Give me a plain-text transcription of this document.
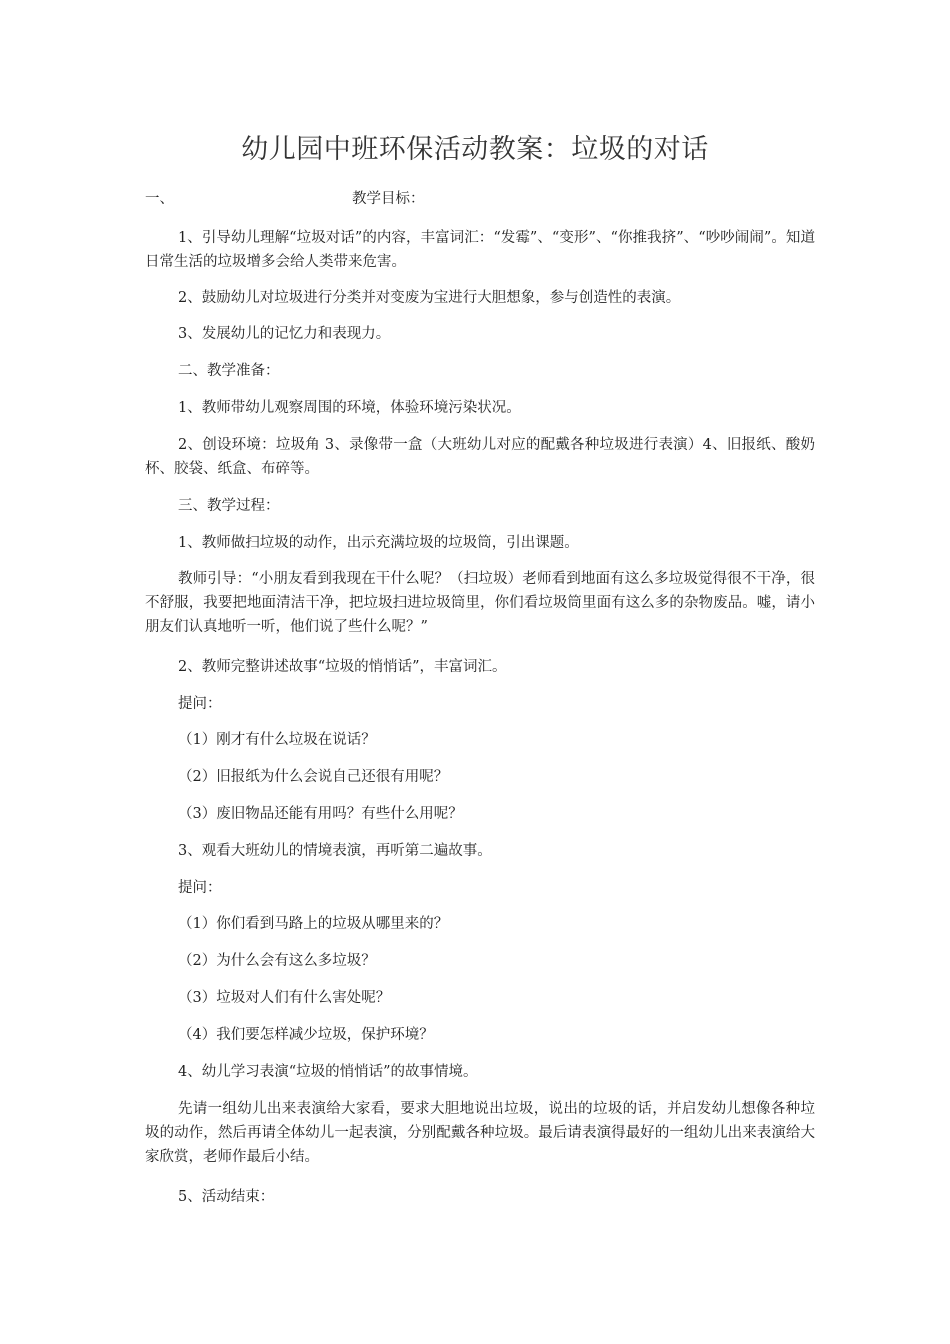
幼儿园中班环保活动教案：垃圾的对话
一、	教学目标：
1、引导幼儿理解“垃圾对话”的内容，丰富词汇：“发霉”、“变形”、“你推我挤”、“吵吵闹闹”。知道日常生活的垃圾增多会给人类带来危害。
2、鼓励幼儿对垃圾进行分类并对变废为宝进行大胆想象，参与创造性的表演。
3、发展幼儿的记忆力和表现力。
二、教学准备：
1、教师带幼儿观察周围的环境，体验环境污染状况。
2、创设环境：垃圾角 3、录像带一盒（大班幼儿对应的配戴各种垃圾进行表演）4、旧报纸、酸奶杯、胶袋、纸盒、布碎等。
三、教学过程：
1、教师做扫垃圾的动作，出示充满垃圾的垃圾筒，引出课题。
教师引导：“小朋友看到我现在干什么呢？（扫垃圾）老师看到地面有这么多垃圾觉得很不干净，很不舒服，我要把地面清洁干净，把垃圾扫进垃圾筒里，你们看垃圾筒里面有这么多的杂物废品。嘘，请小朋友们认真地听一听，他们说了些什么呢？”
2、教师完整讲述故事“垃圾的悄悄话”，丰富词汇。
提问：
（1）刚才有什么垃圾在说话？
（2）旧报纸为什么会说自己还很有用呢？
（3）废旧物品还能有用吗？有些什么用呢？
3、观看大班幼儿的情境表演，再听第二遍故事。
提问：
（1）你们看到马路上的垃圾从哪里来的？
（2）为什么会有这么多垃圾？
（3）垃圾对人们有什么害处呢？
（4）我们要怎样减少垃圾，保护环境？
4、幼儿学习表演“垃圾的悄悄话”的故事情境。
先请一组幼儿出来表演给大家看，要求大胆地说出垃圾，说出的垃圾的话，并启发幼儿想像各种垃圾的动作，然后再请全体幼儿一起表演，分别配戴各种垃圾。最后请表演得最好的一组幼儿出来表演给大家欣赏，老师作最后小结。
5、活动结束：
